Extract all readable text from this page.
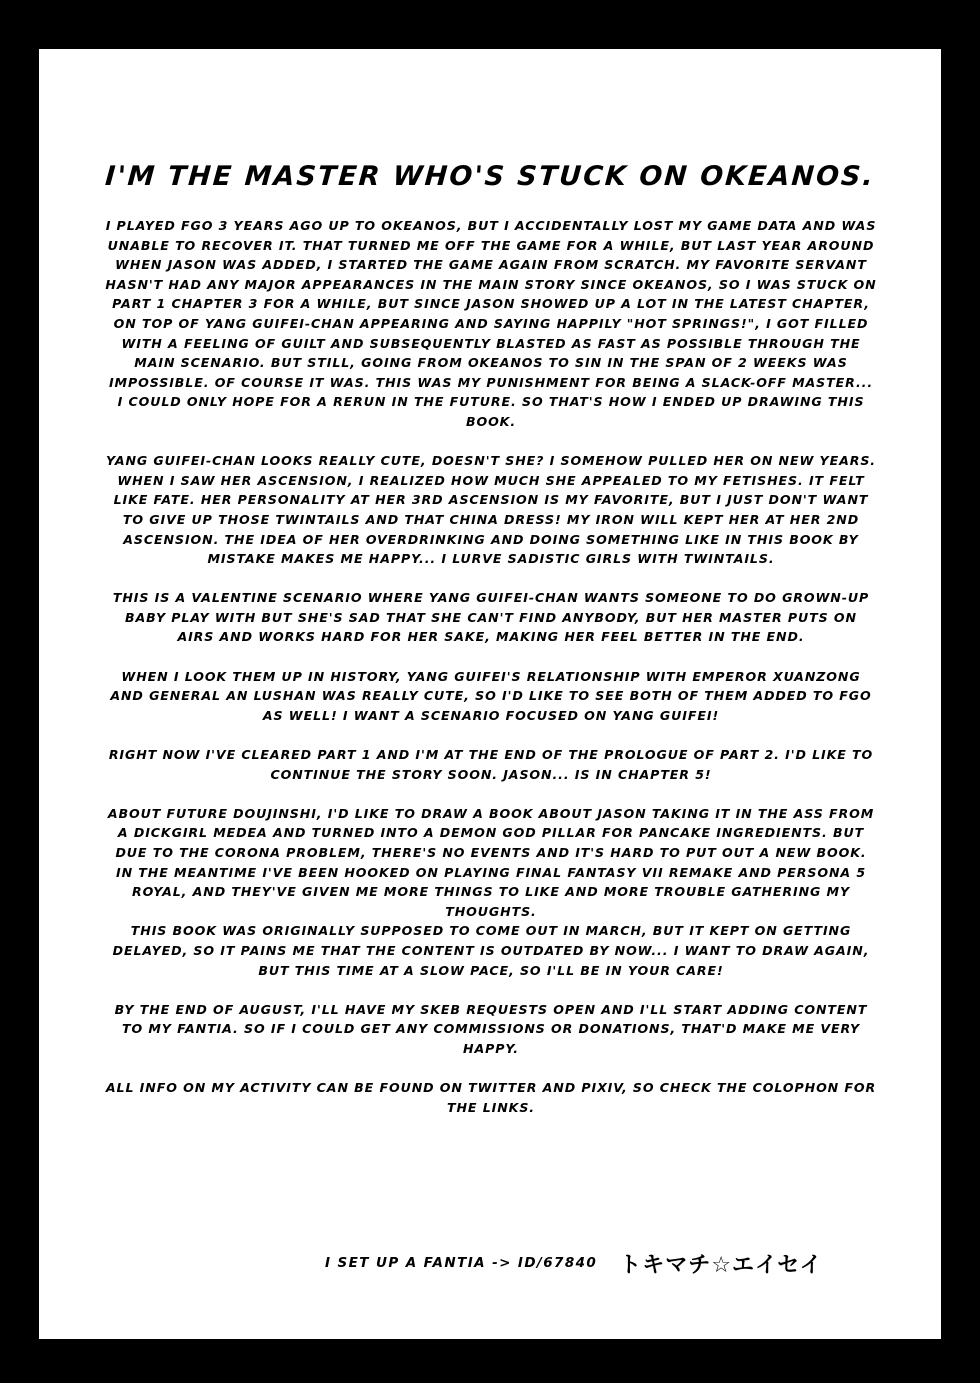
I'M THE MASTER WHO'S STUCK ON OKEANOS.

I PLAYED FGO 3 YEARS AGO UP TO OKEANOS, BUT I ACCIDENTALLY LOST MY GAME DATA AND WAS UNABLE TO RECOVER IT. THAT TURNED ME OFF THE GAME FOR A WHILE, BUT LAST YEAR AROUND WHEN JASON WAS ADDED, I STARTED THE GAME AGAIN FROM SCRATCH. MY FAVORITE SERVANT HASN'T HAD ANY MAJOR APPEARANCES IN THE MAIN STORY SINCE OKEANOS, SO I WAS STUCK ON PART 1 CHAPTER 3 FOR A WHILE, BUT SINCE JASON SHOWED UP A LOT IN THE LATEST CHAPTER, ON TOP OF YANG GUIFEI-CHAN APPEARING AND SAYING HAPPILY "HOT SPRINGS!", I GOT FILLED WITH A FEELING OF GUILT AND SUBSEQUENTLY BLASTED AS FAST AS POSSIBLE THROUGH THE MAIN SCENARIO. BUT STILL, GOING FROM OKEANOS TO SIN IN THE SPAN OF 2 WEEKS WAS IMPOSSIBLE. OF COURSE IT WAS. THIS WAS MY PUNISHMENT FOR BEING A SLACK-OFF MASTER... I COULD ONLY HOPE FOR A RERUN IN THE FUTURE. SO THAT'S HOW I ENDED UP DRAWING THIS BOOK.

YANG GUIFEI-CHAN LOOKS REALLY CUTE, DOESN'T SHE? I SOMEHOW PULLED HER ON NEW YEARS. WHEN I SAW HER ASCENSION, I REALIZED HOW MUCH SHE APPEALED TO MY FETISHES. IT FELT LIKE FATE. HER PERSONALITY AT HER 3RD ASCENSION IS MY FAVORITE, BUT I JUST DON'T WANT TO GIVE UP THOSE TWINTAILS AND THAT CHINA DRESS! MY IRON WILL KEPT HER AT HER 2ND ASCENSION. THE IDEA OF HER OVERDRINKING AND DOING SOMETHING LIKE IN THIS BOOK BY MISTAKE MAKES ME HAPPY... I LURVE SADISTIC GIRLS WITH TWINTAILS.

THIS IS A VALENTINE SCENARIO WHERE YANG GUIFEI-CHAN WANTS SOMEONE TO DO GROWN-UP BABY PLAY WITH BUT SHE'S SAD THAT SHE CAN'T FIND ANYBODY, BUT HER MASTER PUTS ON AIRS AND WORKS HARD FOR HER SAKE, MAKING HER FEEL BETTER IN THE END.

WHEN I LOOK THEM UP IN HISTORY, YANG GUIFEI'S RELATIONSHIP WITH EMPEROR XUANZONG AND GENERAL AN LUSHAN WAS REALLY CUTE, SO I'D LIKE TO SEE BOTH OF THEM ADDED TO FGO AS WELL! I WANT A SCENARIO FOCUSED ON YANG GUIFEI!

RIGHT NOW I'VE CLEARED PART 1 AND I'M AT THE END OF THE PROLOGUE OF PART 2. I'D LIKE TO CONTINUE THE STORY SOON. JASON... IS IN CHAPTER 5!

ABOUT FUTURE DOUJINSHI, I'D LIKE TO DRAW A BOOK ABOUT JASON TAKING IT IN THE ASS FROM A DICKGIRL MEDEA AND TURNED INTO A DEMON GOD PILLAR FOR PANCAKE INGREDIENTS. BUT DUE TO THE CORONA PROBLEM, THERE'S NO EVENTS AND IT'S HARD TO PUT OUT A NEW BOOK. IN THE MEANTIME I'VE BEEN HOOKED ON PLAYING FINAL FANTASY VII REMAKE AND PERSONA 5 ROYAL, AND THEY'VE GIVEN ME MORE THINGS TO LIKE AND MORE TROUBLE GATHERING MY THOUGHTS.

THIS BOOK WAS ORIGINALLY SUPPOSED TO COME OUT IN MARCH, BUT IT KEPT ON GETTING DELAYED, SO IT PAINS ME THAT THE CONTENT IS OUTDATED BY NOW... I WANT TO DRAW AGAIN, BUT THIS TIME AT A SLOW PACE, SO I'LL BE IN YOUR CARE!

BY THE END OF AUGUST, I'LL HAVE MY SKEB REQUESTS OPEN AND I'LL START ADDING CONTENT TO MY FANTIA. SO IF I COULD GET ANY COMMISSIONS OR DONATIONS, THAT'D MAKE ME VERY HAPPY.

ALL INFO ON MY ACTIVITY CAN BE FOUND ON TWITTER AND PIXIV, SO CHECK THE COLOPHON FOR THE LINKS.

I SET UP A FANTIA -> ID/67840 トキマチ☆エイセイ
